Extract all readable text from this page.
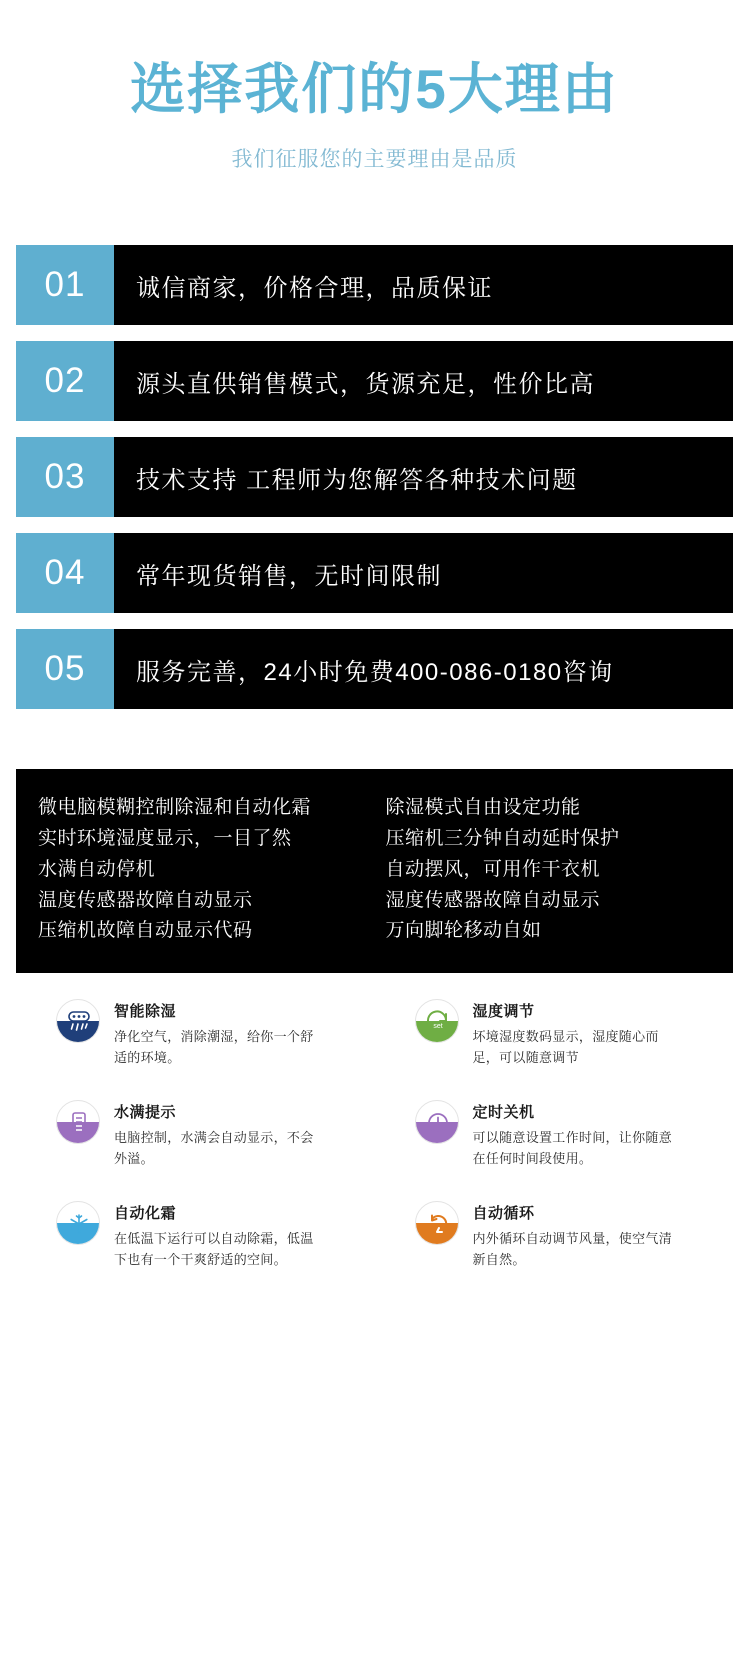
选择我们的5大理由
我们征服您的主要理由是品质
01	诚信商家，价格合理，品质保证
02	源头直供销售模式，货源充足，性价比高
03	技术支持 工程师为您解答各种技术问题
04	常年现货销售，无时间限制
05	服务完善，24小时免费400-086-0180咨询
微电脑模糊控制除湿和自动化霜
实时环境湿度显示，一目了然
水满自动停机
温度传感器故障自动显示
压缩机故障自动显示代码
除湿模式自由设定功能
压缩机三分钟自动延时保护
自动摆风，可用作干衣机
湿度传感器故障自动显示
万向脚轮移动自如
智能除湿
净化空气，消除潮湿，给你一个舒适的环境。
set
湿度调节
坏境湿度数码显示，湿度随心而足，可以随意调节
水满提示
电脑控制，水满会自动显示，不会外溢。
定时关机
可以随意设置工作时间，让你随意在任何时间段使用。
自动化霜
在低温下运行可以自动除霜，低温下也有一个干爽舒适的空间。
自动循环
内外循环自动调节风量，使空气清新自然。
